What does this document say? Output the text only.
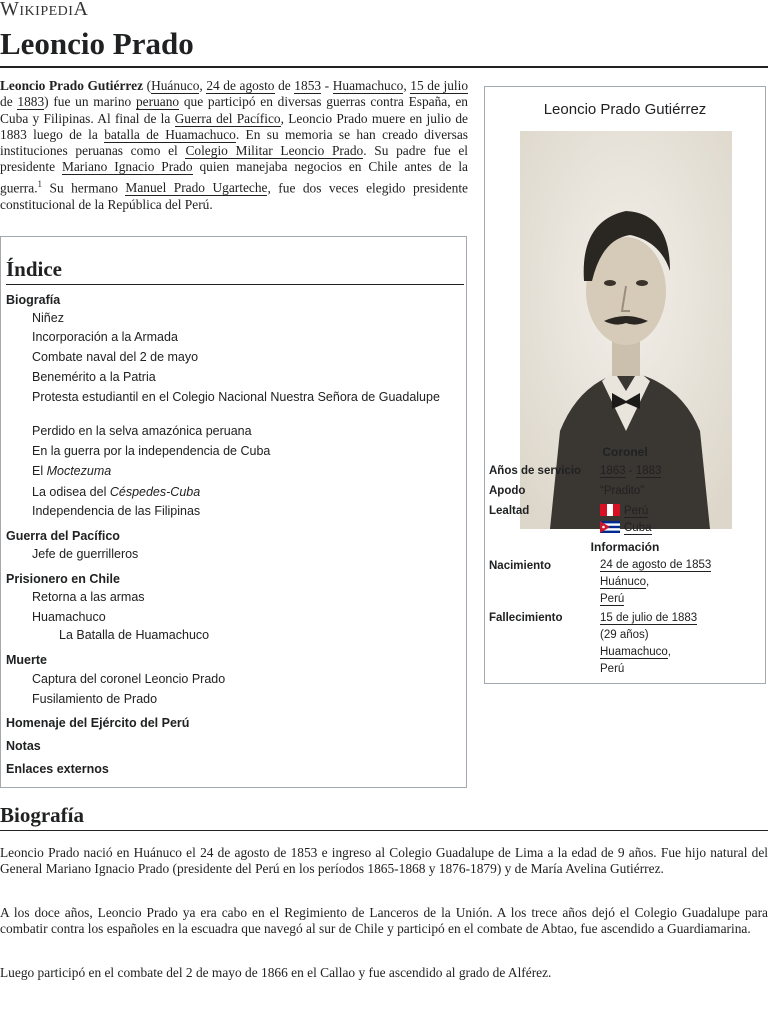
WikipediA
Leoncio Prado
Leoncio Prado Gutiérrez (Huánuco, 24 de agosto de 1853 - Huamachuco, 15 de julio de 1883) fue un marino peruano que participó en diversas guerras contra España, en Cuba y Filipinas. Al final de la Guerra del Pacífico, Leoncio Prado muere en julio de 1883 luego de la batalla de Huamachuco. En su memoria se han creado diversas instituciones peruanas como el Colegio Militar Leoncio Prado. Su padre fue el presidente Mariano Ignacio Prado quien manejaba negocios en Chile antes de la guerra.$^1$ Su hermano Manuel Prado Ugarteche, fue dos veces elegido presidente constitucional de la República del Perú.
Leoncio Prado Gutiérrez
Coronel
Años de servicio 1863 - 1883
Apodo	“Pradito”
Lealtad	Perú
Cuba
Información
Nacimiento	24 de agosto de 1853
Huánuco,
Perú
Fallecimiento	15 de julio de 1883
(29 años)
Huamachuco,
Perú
Índice
Biografía
Niñez
Incorporación a la Armada
Combate naval del 2 de mayo
Benemérito a la Patria
Protesta estudiantil en el Colegio Nacional Nuestra Señora de Guadalupe
Perdido en la selva amazónica peruana
En la guerra por la independencia de Cuba
El Moctezuma
La odisea del Céspedes-Cuba
Independencia de las Filipinas
Guerra del Pacífico
Jefe de guerrilleros
Prisionero en Chile
Retorna a las armas
Huamachuco
La Batalla de Huamachuco
Muerte
Captura del coronel Leoncio Prado
Fusilamiento de Prado
Homenaje del Ejército del Perú
Notas
Enlaces externos
Biografía
Leoncio Prado nació en Huánuco el 24 de agosto de 1853 e ingreso al Colegio Guadalupe de Lima a la edad de 9 años. Fue hijo natural del General Mariano Ignacio Prado (presidente del Perú en los períodos 1865-1868 y 1876-1879) y de María Avelina Gutiérrez.
A los doce años, Leoncio Prado ya era cabo en el Regimiento de Lanceros de la Unión. A los trece años dejó el Colegio Guadalupe para combatir contra los españoles en la escuadra que navegó al sur de Chile y participó en el combate de Abtao, fue ascendido a Guardiamarina.
Luego participó en el combate del 2 de mayo de 1866 en el Callao y fue ascendido al grado de Alférez.
